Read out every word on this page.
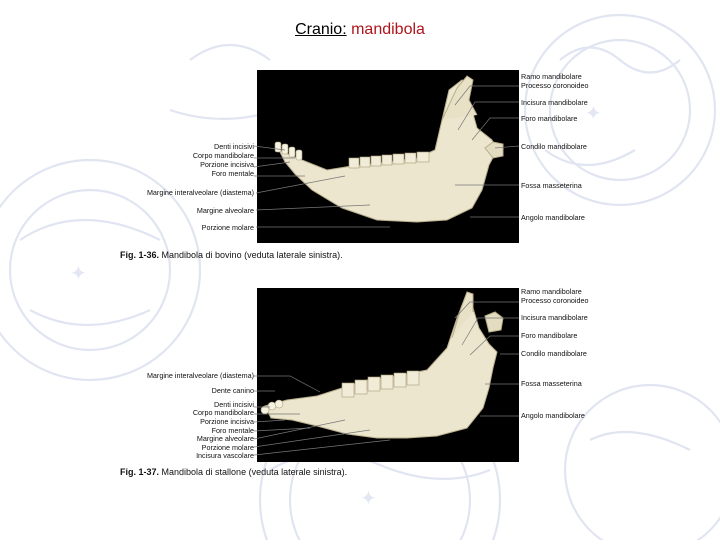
✦
✦
✦
Cranio: mandibola
Ramo mandibolare
Processo coronoideo
Incisura mandibolare
Foro mandibolare
Condilo mandibolare
Fossa masseterina
Angolo mandibolare
Denti incisivi
Corpo mandibolare
Porzione incisiva
Foro mentale
Margine interalveolare (diastema)
Margine alveolare
Porzione molare
Fig. 1-36. Mandibola di bovino (veduta laterale sinistra).
Ramo mandibolare
Processo coronoideo
Incisura mandibolare
Foro mandibolare
Condilo mandibolare
Fossa masseterina
Angolo mandibolare
Margine interalveolare (diastema)
Dente canino
Denti incisivi
Corpo mandibolare
Porzione incisiva
Foro mentale
Margine alveolare
Porzione molare
Incisura vascolare
Fig. 1-37. Mandibola di stallone (veduta laterale sinistra).
